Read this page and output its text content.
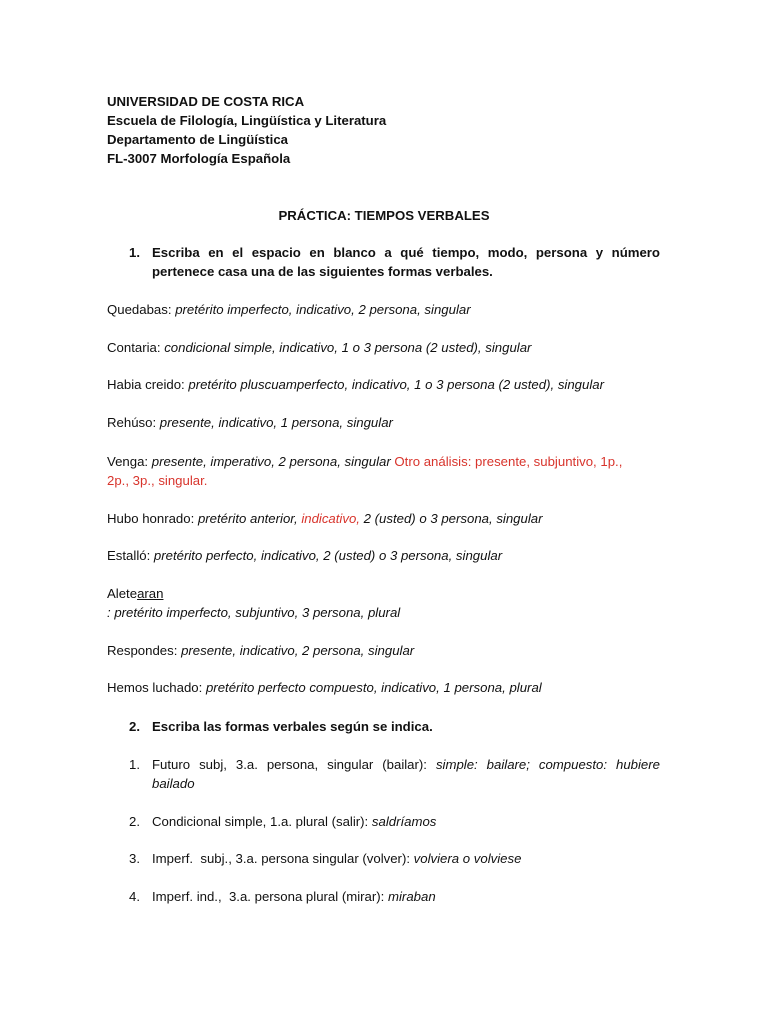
UNIVERSIDAD DE COSTA RICA
Escuela de Filología, Lingüística y Literatura
Departamento de Lingüística
FL-3007 Morfología Española
PRÁCTICA: TIEMPOS VERBALES
1. Escriba en el espacio en blanco a qué tiempo, modo, persona y número
pertenece casa una de las siguientes formas verbales.
Quedabas: pretérito imperfecto, indicativo, 2 persona, singular
Contaria: condicional simple, indicativo, 1 o 3 persona (2 usted), singular
Habia creido: pretérito pluscuamperfecto, indicativo, 1 o 3 persona (2 usted), singular
Rehúso: presente, indicativo, 1 persona, singular
Venga: presente, imperativo, 2 persona, singular Otro análisis: presente, subjuntivo, 1p.,
2p., 3p., singular.
Hubo honrado: pretérito anterior, indicativo, 2 (usted) o 3 persona, singular
Estalló: pretérito perfecto, indicativo, 2 (usted) o 3 persona, singular
Aletearan
: pretérito imperfecto, subjuntivo, 3 persona, plural
Respondes: presente, indicativo, 2 persona, singular
Hemos luchado: pretérito perfecto compuesto, indicativo, 1 persona, plural
2. Escriba las formas verbales según se indica.
1. Futuro subj, 3.a. persona, singular (bailar): simple: bailare; compuesto: hubiere
bailado
2. Condicional simple, 1.a. plural (salir): saldríamos
3. Imperf.  subj., 3.a. persona singular (volver): volviera o volviese
4. Imperf. ind.,  3.a. persona plural (mirar): miraban
